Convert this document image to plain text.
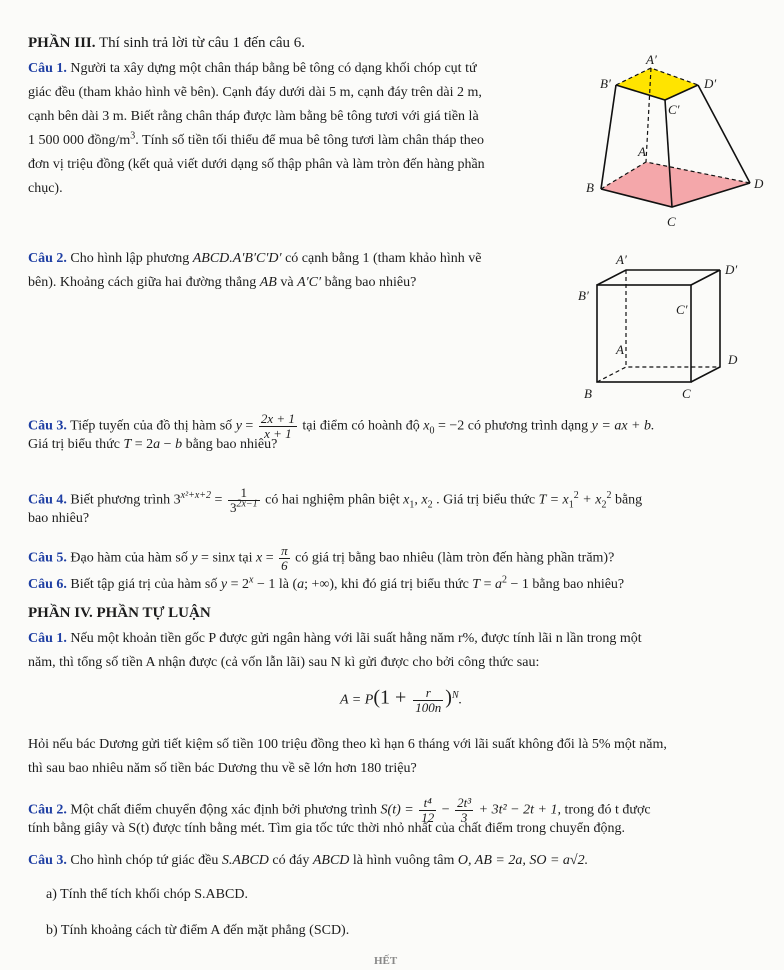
PHẦN III. Thí sinh trả lời từ câu 1 đến câu 6.
Câu 1. Người ta xây dựng một chân tháp bằng bê tông có dạng khối chóp cụt tứ
giác đều (tham khảo hình vẽ bên). Cạnh đáy dưới dài 5 m, cạnh đáy trên dài 2 m,
cạnh bên dài 3 m. Biết rằng chân tháp được làm bằng bê tông tươi với giá tiền là
1 500 000 đồng/$m^3$. Tính số tiền tối thiểu để mua bê tông tươi làm chân tháp theo
đơn vị triệu đồng (kết quả viết dưới dạng số thập phân và làm tròn đến hàng phần
chục).
A′
B′	D′
C′
A
B	D
C
Câu 2. Cho hình lập phương ABCD.A′B′C′D′ có cạnh bằng 1 (tham khảo hình vẽ
bên). Khoảng cách giữa hai đường thẳng AB và A′C′ bằng bao nhiêu?
A′
D′
B′
C′
A
D
B	C
Câu 3. Tiếp tuyến của đồ thị hàm số $y = \frac{2x + 1}{x + 1}$ tại điểm có hoành độ $x_0 = -2$ có phương trình dạng y = ax + b.
Giá trị biểu thức T = 2a − b bằng bao nhiêu?
Câu 4. Biết phương trình $3^{x^2+x+2} = \frac{1}{3^{2x-1}}$ có hai nghiệm phân biệt $x_1$, $x_2$ . Giá trị biểu thức $T = x_1^2 + x_2^2$ bằng
bao nhiêu?
Câu 5. Đạo hàm của hàm số y = sinx tại $x = \frac{\pi}{6}$ có giá trị bằng bao nhiêu (làm tròn đến hàng phần trăm)?
Câu 6. Biết tập giá trị của hàm số $y = 2^x - 1$ là (a; +∞), khi đó giá trị biểu thức $T = a^2 - 1$ bằng bao nhiêu?
PHẦN IV. PHẦN TỰ LUẬN
Câu 1. Nếu một khoản tiền gốc P được gửi ngân hàng với lãi suất hằng năm r%, được tính lãi n lần trong một
năm, thì tổng số tiền A nhận được (cả vốn lẫn lãi) sau N kì gửi được cho bởi công thức sau:
$A = P(1 + \frac{r}{100n} )^N$.
Hỏi nếu bác Dương gửi tiết kiệm số tiền 100 triệu đồng theo kì hạn 6 tháng với lãi suất không đổi là 5% một năm,
thì sau bao nhiêu năm số tiền bác Dương thu về sẽ lớn hơn 180 triệu?
Câu 2. Một chất điểm chuyển động xác định bởi phương trình $S(t) = \frac{\text{t⁴}}{12} - \frac{\text{2t³}}{3} + 3t^2 - 2t + 1$, trong đó t được
tính bằng giây và S(t) được tính bằng mét. Tìm gia tốc tức thời nhỏ nhất của chất điểm trong chuyển động.
Câu 3. Cho hình chóp tứ giác đều S.ABCD có đáy ABCD là hình vuông tâm O, AB = 2a, SO = a√2.
a) Tính thể tích khối chóp S.ABCD.
b) Tính khoảng cách từ điểm A đến mặt phẳng (SCD).
HẾT
